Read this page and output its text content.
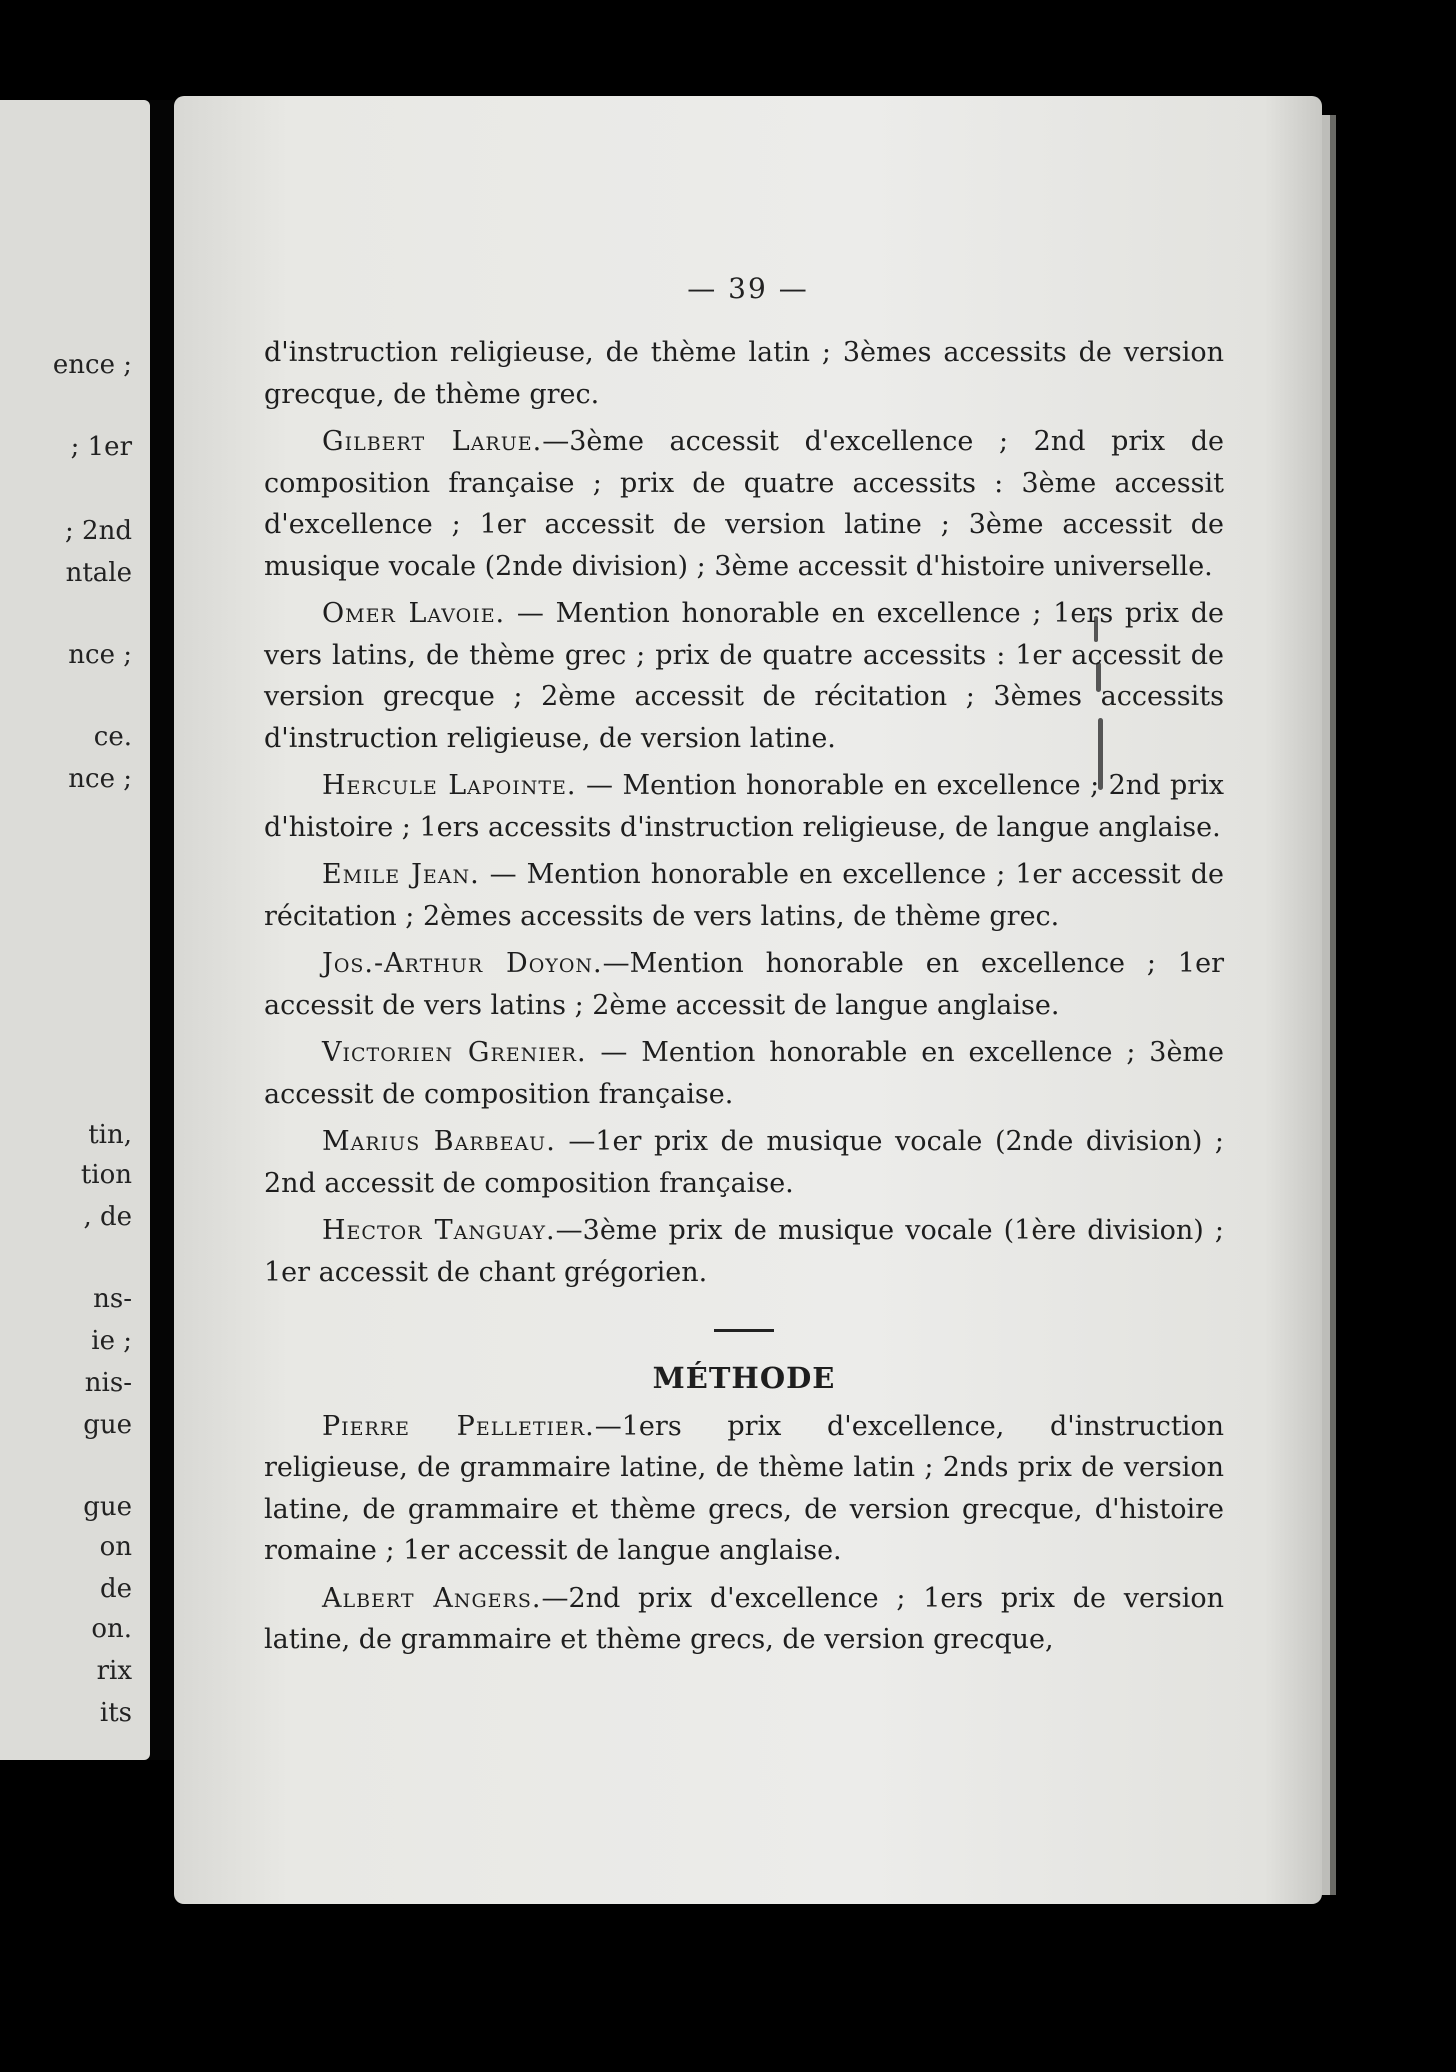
ence ;
; 1er
; 2nd
ntale
nce ;
ce.
nce ;
tin,
tion
, de
ns-
ie ;
nis-
gue
gue
on
de
on.
rix
its
— 39 —

d'instruction religieuse, de thème latin ; 3èmes accessits de version grecque, de thème grec.

Gilbert Larue.—3ème accessit d'excellence ; 2nd prix de composition française ; prix de quatre accessits : 3ème accessit d'excellence ; 1er accessit de version latine ; 3ème accessit de musique vocale (2nde division) ; 3ème accessit d'histoire universelle.

Omer Lavoie. — Mention honorable en excellence ; 1ers prix de vers latins, de thème grec ; prix de quatre accessits : 1er accessit de version grecque ; 2ème accessit de récitation ; 3èmes accessits d'instruction religieuse, de version latine.

Hercule Lapointe. — Mention honorable en excellence ; 2nd prix d'histoire ; 1ers accessits d'instruction religieuse, de langue anglaise.

Emile Jean. — Mention honorable en excellence ; 1er accessit de récitation ; 2èmes accessits de vers latins, de thème grec.

Jos.-Arthur Doyon.—Mention honorable en excellence ; 1er accessit de vers latins ; 2ème accessit de langue anglaise.

Victorien Grenier. — Mention honorable en excellence ; 3ème accessit de composition française.

Marius Barbeau. —1er prix de musique vocale (2nde division) ; 2nd accessit de composition française.

Hector Tanguay.—3ème prix de musique vocale (1ère division) ; 1er accessit de chant grégorien.

MÉTHODE

Pierre Pelletier.—1ers prix d'excellence, d'instruction religieuse, de grammaire latine, de thème latin ; 2nds prix de version latine, de grammaire et thème grecs, de version grecque, d'histoire romaine ; 1er accessit de langue anglaise.

Albert Angers.—2nd prix d'excellence ; 1ers prix de version latine, de grammaire et thème grecs, de version grecque,
